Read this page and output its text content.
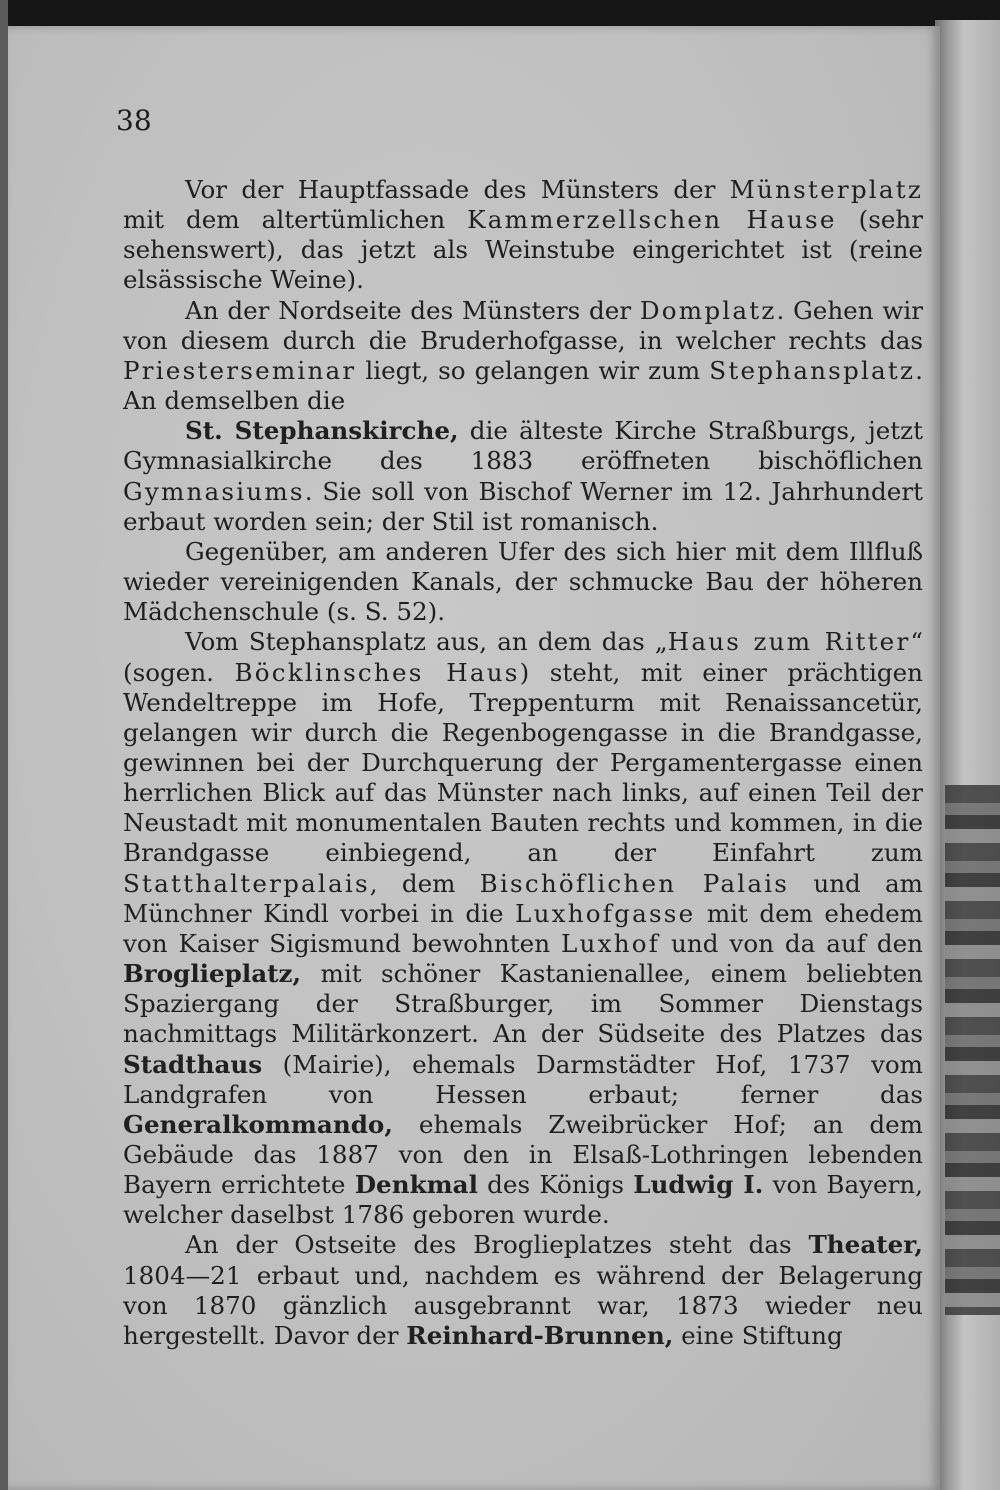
38

Vor der Hauptfassade des Münsters der Münsterplatz mit dem altertümlichen Kammerzellschen Hause (sehr sehenswert), das jetzt als Weinstube eingerichtet ist (reine elsässische Weine).

An der Nordseite des Münsters der Domplatz. Gehen wir von diesem durch die Bruderhofgasse, in welcher rechts das Priesterseminar liegt, so gelangen wir zum Stephansplatz. An demselben die

St. Stephanskirche, die älteste Kirche Straßburgs, jetzt Gymnasialkirche des 1883 eröffneten bischöflichen Gymnasiums. Sie soll von Bischof Werner im 12. Jahrhundert erbaut worden sein; der Stil ist romanisch.

Gegenüber, am anderen Ufer des sich hier mit dem Illfluß wieder vereinigenden Kanals, der schmucke Bau der höheren Mädchenschule (s. S. 52).

Vom Stephansplatz aus, an dem das „Haus zum Ritter“ (sogen. Böcklinsches Haus) steht, mit einer prächtigen Wendeltreppe im Hofe, Treppenturm mit Renaissancetür, gelangen wir durch die Regenbogengasse in die Brandgasse, gewinnen bei der Durchquerung der Pergamentergasse einen herrlichen Blick auf das Münster nach links, auf einen Teil der Neustadt mit monumentalen Bauten rechts und kommen, in die Brandgasse einbiegend, an der Einfahrt zum Statthalterpalais, dem Bischöflichen Palais und am Münchner Kindl vorbei in die Luxhofgasse mit dem ehedem von Kaiser Sigismund bewohnten Luxhof und von da auf den Broglieplatz, mit schöner Kastanienallee, einem beliebten Spaziergang der Straßburger, im Sommer Dienstags nachmittags Militärkonzert. An der Südseite des Platzes das Stadthaus (Mairie), ehemals Darmstädter Hof, 1737 vom Landgrafen von Hessen erbaut; ferner das Generalkommando, ehemals Zweibrücker Hof; an dem Gebäude das 1887 von den in Elsaß-Lothringen lebenden Bayern errichtete Denkmal des Königs Ludwig I. von Bayern, welcher daselbst 1786 geboren wurde.

An der Ostseite des Broglieplatzes steht das Theater, 1804—21 erbaut und, nachdem es während der Belagerung von 1870 gänzlich ausgebrannt war, 1873 wieder neu hergestellt. Davor der Reinhard-Brunnen, eine Stiftung
